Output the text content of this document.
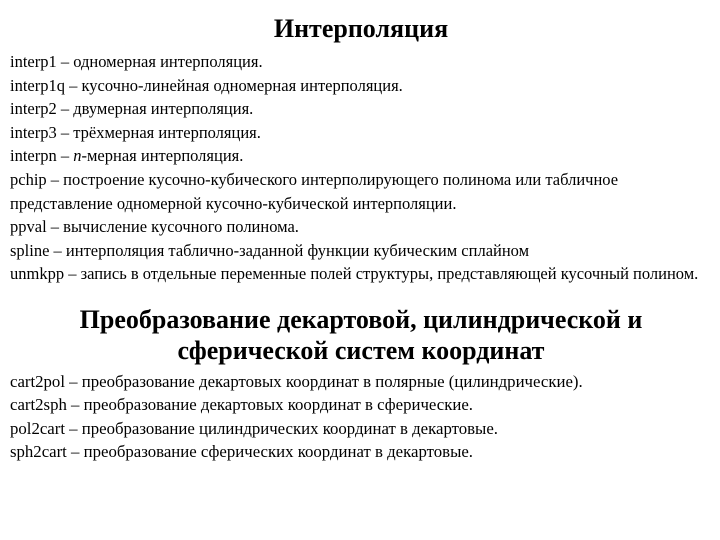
Интерполяция
interp1 – одномерная интерполяция.
interp1q – кусочно-линейная одномерная интерполяция.
interp2 – двумерная интерполяция.
interp3 – трёхмерная интерполяция.
interpn – n-мерная интерполяция.
pchip – построение кусочно-кубического интерполирующего полинома или табличное представление одномерной кусочно-кубической интерполяции.
ppval – вычисление кусочного полинома.
spline – интерполяция таблично-заданной функции кубическим сплайном
unmkpp – запись в отдельные переменные полей структуры, представляющей кусочный полином.
Преобразование декартовой, цилиндрической и сферической систем координат
cart2pol – преобразование декартовых координат в полярные (цилиндрические).
cart2sph – преобразование декартовых координат в сферические.
pol2cart – преобразование цилиндрических координат в декартовые.
sph2cart – преобразование сферических координат в декартовые.
